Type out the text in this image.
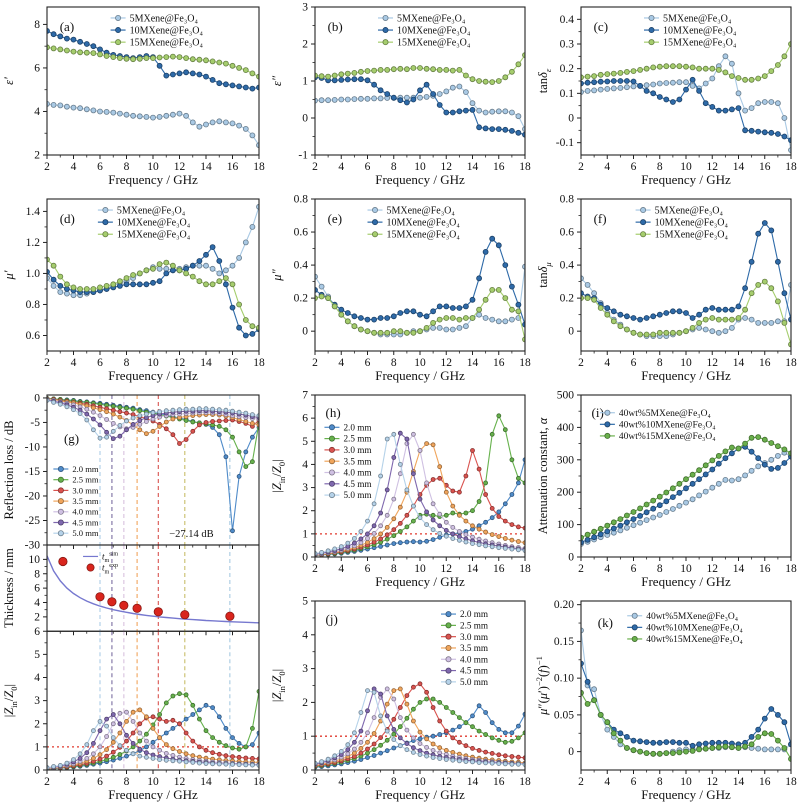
2 4 6 8 10 12 14 16 18
2
4
6
8
ε′
(a)	5MXene@Fe₃O₄
10MXene@Fe₃O₄
15MXene@Fe₃O₄
Frequency / GHz
2 4 6 8 10 12 14 16 18
-1
0
1
2
3
ε″
(b)	5MXene@Fe₃O₄
10MXene@Fe₃O₄
15MXene@Fe₃O₄
Frequency / GHz
2 4 6 8 10 12 14 16 18
-0.1
0
0.1
0.2
0.3
0.4
tanδ$_\varepsilon$
(c)	5MXene@Fe₃O₄
10MXene@Fe₃O₄
15MXene@Fe₃O₄
Frequency / GHz
2 4 6 8 10 12 14 16 18
0.6
0.8
1.0
1.2
1.4
μ′
(d)
5MXene@Fe₃O₄
10MXene@Fe₃O₄
15MXene@Fe₃O₄
Frequency / GHz
2 4 6 8 10 12 14 16 18
0
0.2
0.4
0.6
0.8
μ″
(e)
5MXene@Fe₃O₄
10MXene@Fe₃O₄
15MXene@Fe₃O₄
Frequency / GHz
2 4 6 8 10 12 14 16 18
0
0.2
0.4
0.6
0.8
tanδ$_\mu$
(f)
5MXene@Fe₃O₄
10MXene@Fe₃O₄
15MXene@Fe₃O₄
Frequency / GHz
0
-5
-10
-15
-20
-25
-30
Reflection loss / dB	(g)
2.0 mm
2.5 mm
3.0 mm
3.5 mm
4.0 mm
4.5 mm
5.0 mm	−27.14 dB
2
4
6
8
10
Thickness / mm	$t_m^{sim}$
$t_m^{exp}$
2 4 6 8 10 12 14 16 18
0
1
2
3
4
5
6
$|Z_{in}/Z_0|$
Frequency / GHz
2 4 6 8 10 12 14 16 18
0
1
2
3
4
5
6
7
$|Z_{in}/Z_0|$
(h)
2.0 mm
2.5 mm
3.0 mm
3.5 mm
4.0 mm
4.5 mm
5.0 mm
Frequency / GHz
2 4 6 8 10 12 14 16 18
0
100
200
300
400
500
Attenuation constant, α
(i) 40wt%5MXene@Fe₃O₄
40wt%10MXene@Fe₃O₄
40wt%15MXene@Fe₃O₄
Frequency / GHz
2 4 6 8 10 12 14 16 18
0
1
2
3
4
5
$|Z_{in}/Z_0|$
(j)	2.0 mm
2.5 mm
3.0 mm
3.5 mm
4.0 mm
4.5 mm
5.0 mm
Frequency / GHz
2 4 6 8 10 12 14 16 18
0
0.05
0.10
0.15
0.20
$\mu''(\mu')^{-2}(f)^{-1}$
(k)	40wt%5MXene@Fe₃O₄
40wt%10MXene@Fe₃O₄
40wt%15MXene@Fe₃O₄
Frequency / GHz
